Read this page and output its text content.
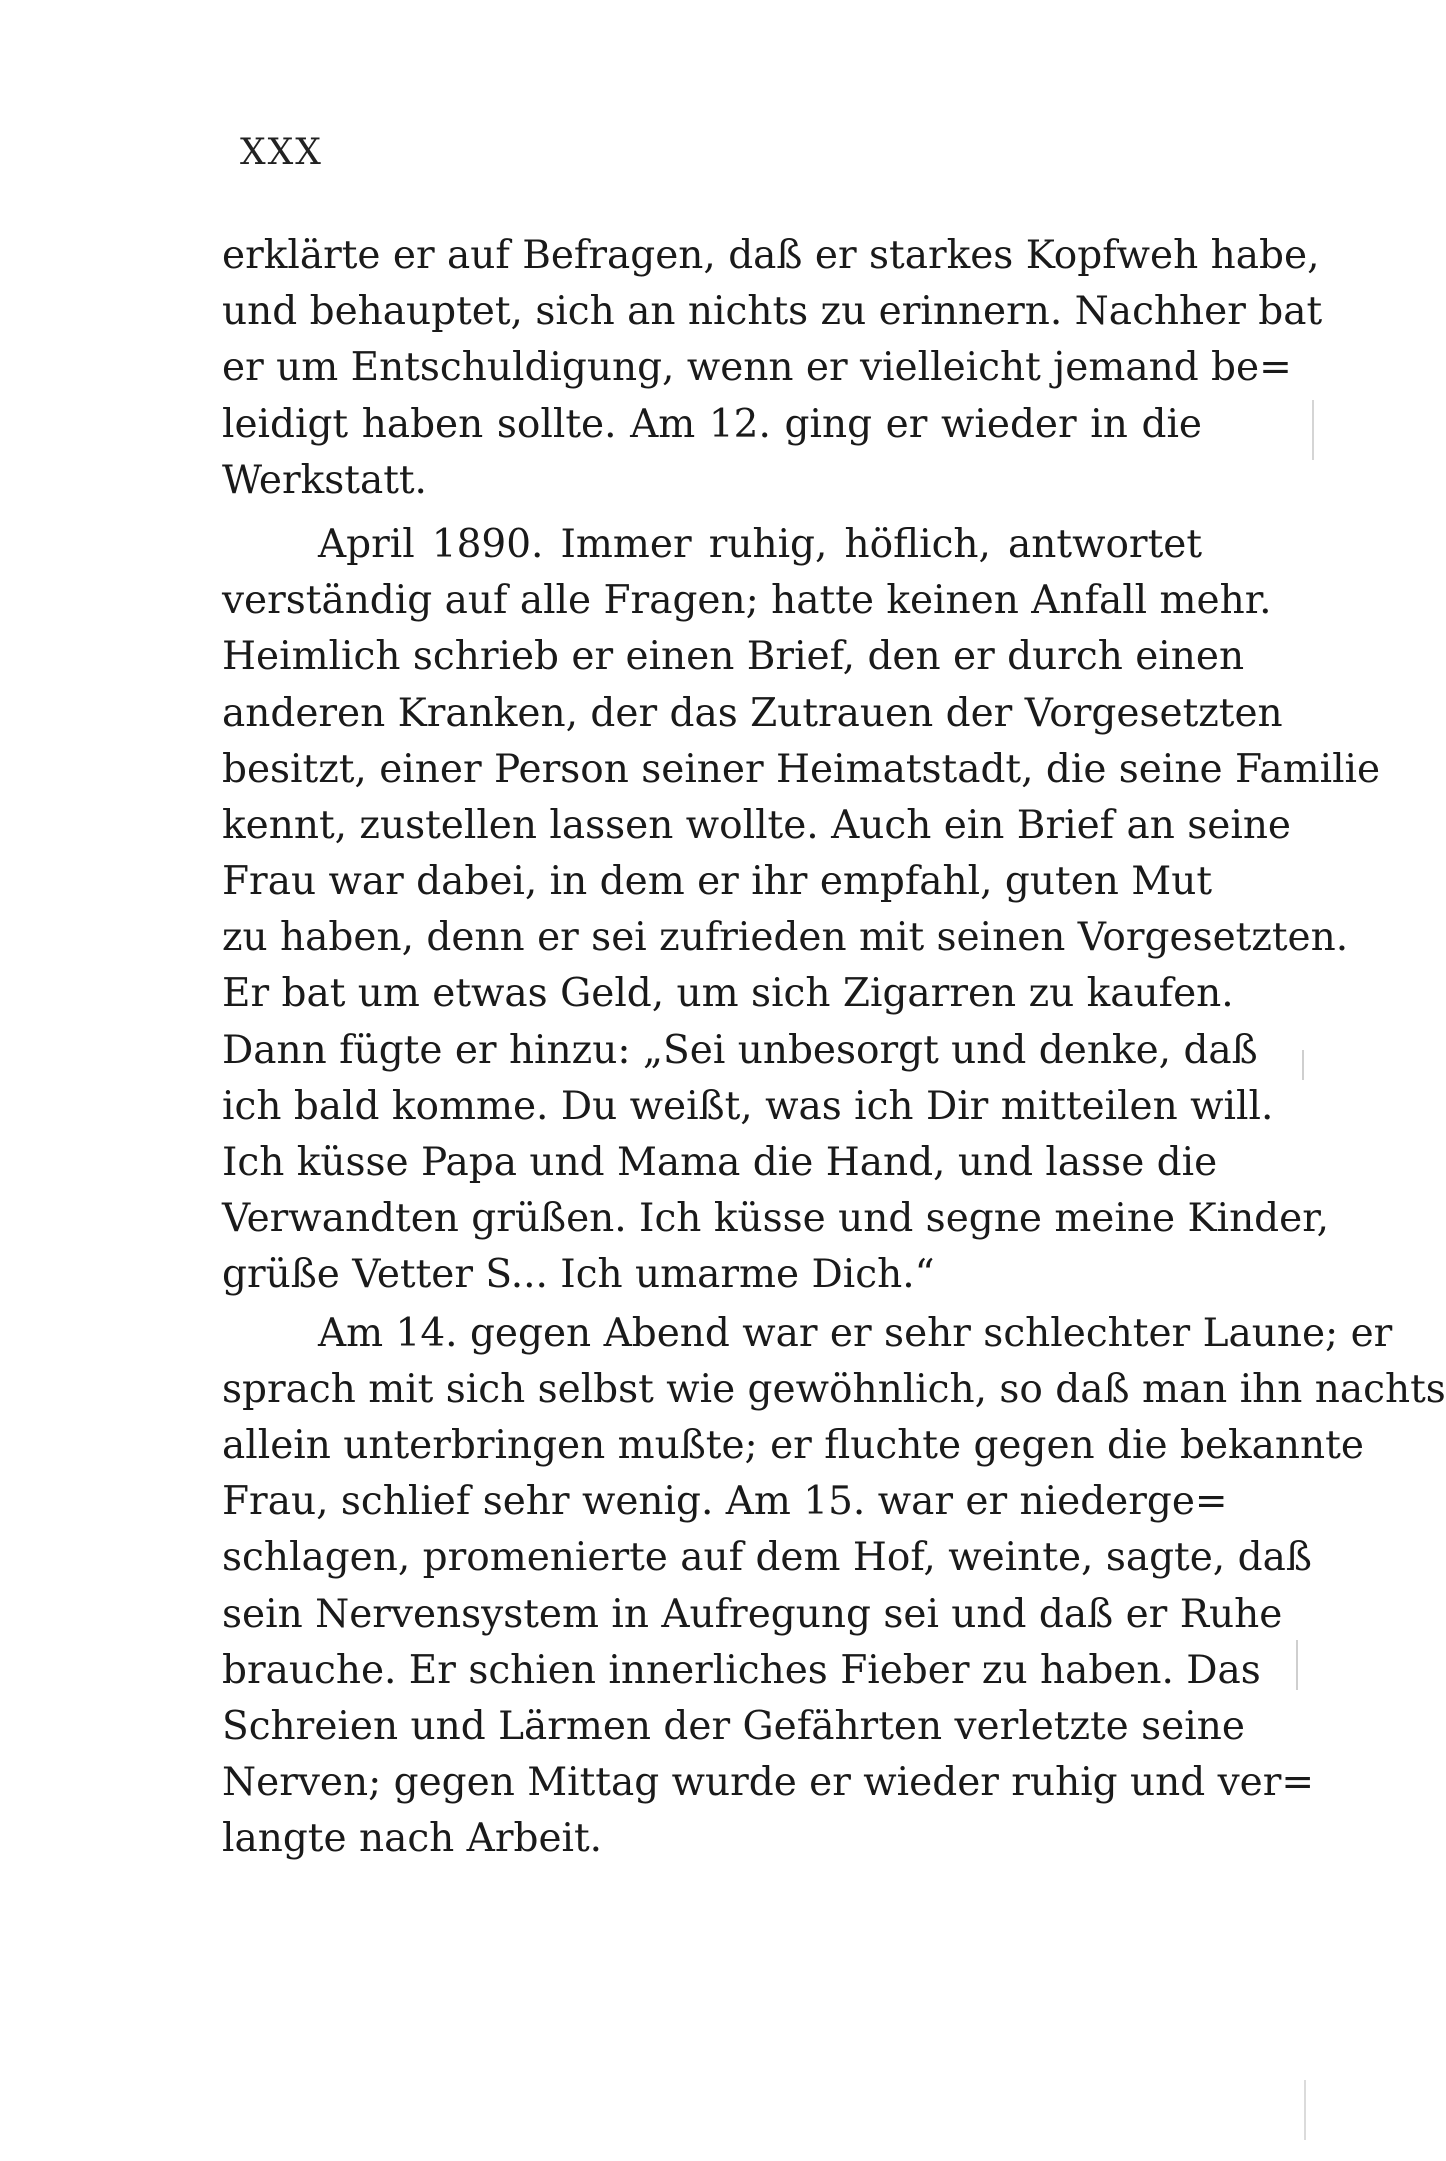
XXX

erklärte er auf Befragen, daß er starkes Kopfweh habe,
und behauptet, sich an nichts zu erinnern. Nachher bat
er um Entschuldigung, wenn er vielleicht jemand be=
leidigt haben sollte. Am 12. ging er wieder in die
Werkstatt.

April 1890. Immer ruhig, höflich, antwortet
verständig auf alle Fragen; hatte keinen Anfall mehr.
Heimlich schrieb er einen Brief, den er durch einen
anderen Kranken, der das Zutrauen der Vorgesetzten
besitzt, einer Person seiner Heimatstadt, die seine Familie
kennt, zustellen lassen wollte. Auch ein Brief an seine
Frau war dabei, in dem er ihr empfahl, guten Mut
zu haben, denn er sei zufrieden mit seinen Vorgesetzten.
Er bat um etwas Geld, um sich Zigarren zu kaufen.
Dann fügte er hinzu: „Sei unbesorgt und denke, daß
ich bald komme. Du weißt, was ich Dir mitteilen will.
Ich küsse Papa und Mama die Hand, und lasse die
Verwandten grüßen. Ich küsse und segne meine Kinder,
grüße Vetter S... Ich umarme Dich.“

Am 14. gegen Abend war er sehr schlechter Laune; er
sprach mit sich selbst wie gewöhnlich, so daß man ihn nachts
allein unterbringen mußte; er fluchte gegen die bekannte
Frau, schlief sehr wenig. Am 15. war er niederge=
schlagen, promenierte auf dem Hof, weinte, sagte, daß
sein Nervensystem in Aufregung sei und daß er Ruhe
brauche. Er schien innerliches Fieber zu haben. Das
Schreien und Lärmen der Gefährten verletzte seine
Nerven; gegen Mittag wurde er wieder ruhig und ver=
langte nach Arbeit.
